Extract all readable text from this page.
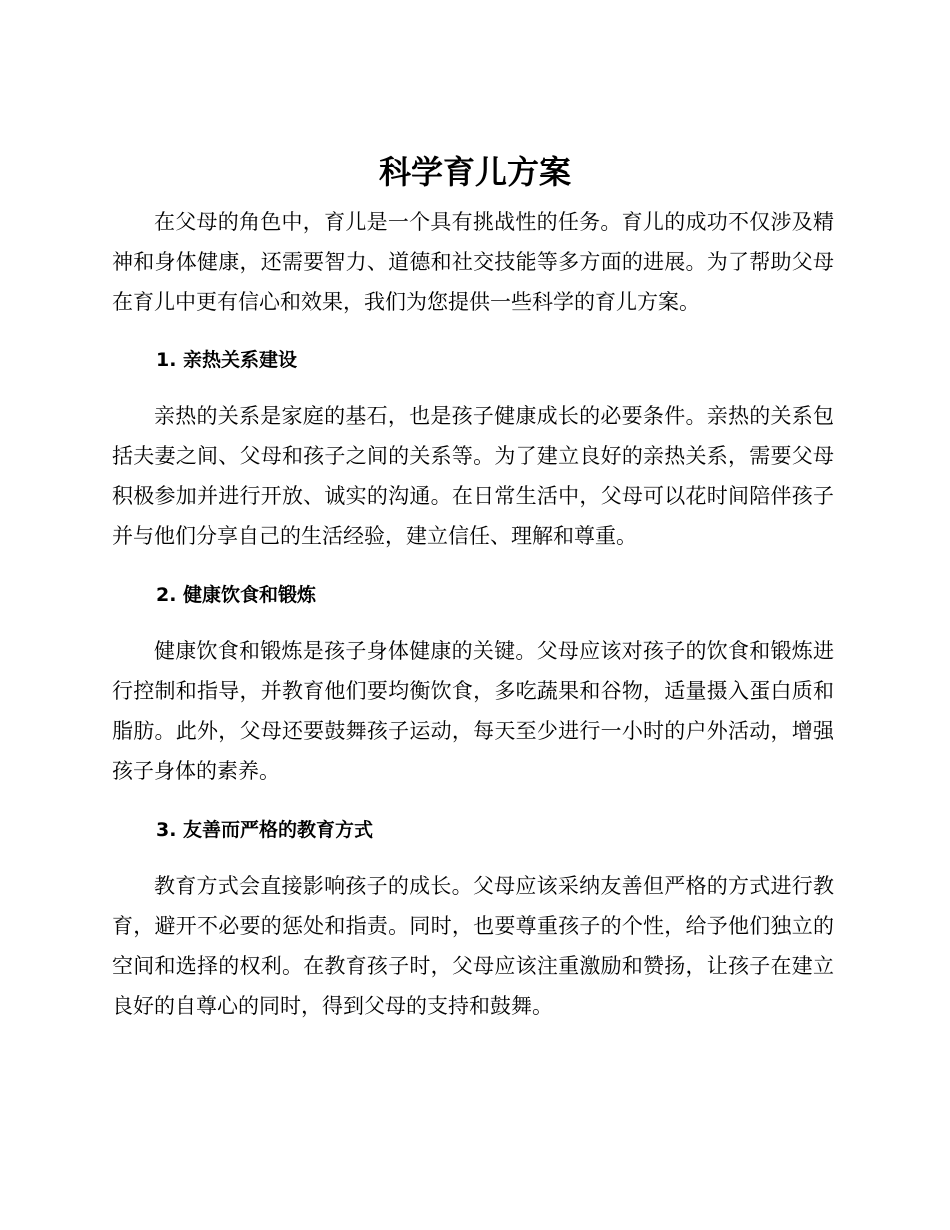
科学育儿方案

在父母的角色中，育儿是一个具有挑战性的任务。育儿的成功不仅涉及精神和身体健康，还需要智力、道德和社交技能等多方面的进展。为了帮助父母在育儿中更有信心和效果，我们为您提供一些科学的育儿方案。

1. 亲热关系建设

亲热的关系是家庭的基石，也是孩子健康成长的必要条件。亲热的关系包括夫妻之间、父母和孩子之间的关系等。为了建立良好的亲热关系，需要父母积极参加并进行开放、诚实的沟通。在日常生活中，父母可以花时间陪伴孩子并与他们分享自己的生活经验，建立信任、理解和尊重。

2. 健康饮食和锻炼

健康饮食和锻炼是孩子身体健康的关键。父母应该对孩子的饮食和锻炼进行控制和指导，并教育他们要均衡饮食，多吃蔬果和谷物，适量摄入蛋白质和脂肪。此外，父母还要鼓舞孩子运动，每天至少进行一小时的户外活动，增强孩子身体的素养。

3. 友善而严格的教育方式

教育方式会直接影响孩子的成长。父母应该采纳友善但严格的方式进行教育，避开不必要的惩处和指责。同时，也要尊重孩子的个性，给予他们独立的空间和选择的权利。在教育孩子时，父母应该注重激励和赞扬，让孩子在建立良好的自尊心的同时，得到父母的支持和鼓舞。
